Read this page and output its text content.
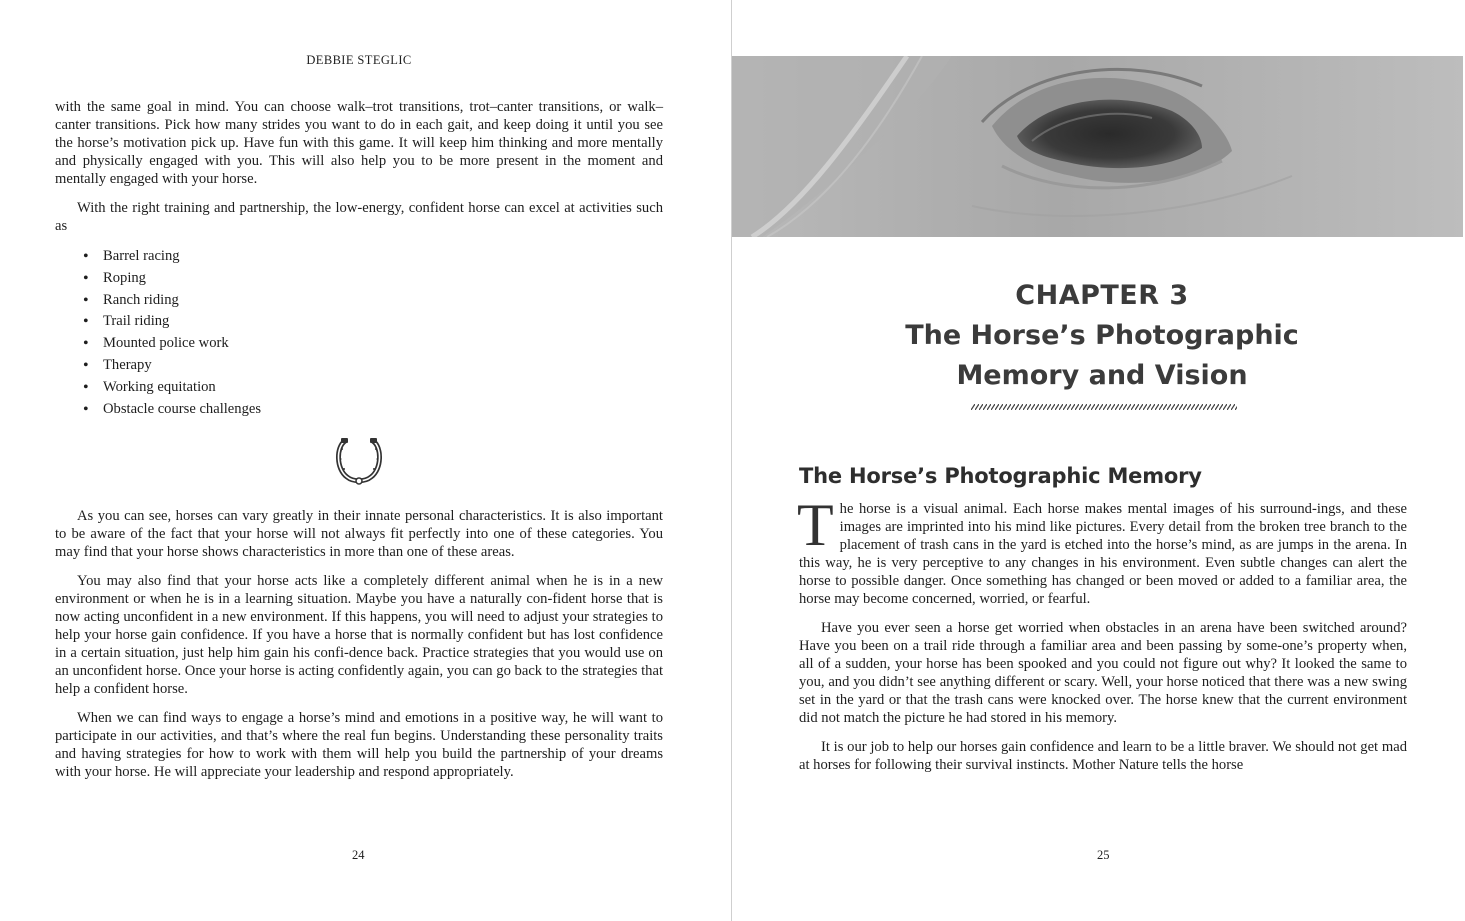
DEBBIE STEGLIC

with the same goal in mind. You can choose walk–trot transitions, trot–canter transitions, or walk–canter transitions. Pick how many strides you want to do in each gait, and keep doing it until you see the horse’s motivation pick up. Have fun with this game. It will keep him thinking and more mentally and physically engaged with you. This will also help you to be more present in the moment and mentally engaged with your horse.

With the right training and partnership, the low-energy, confident horse can excel at activities such as

• Barrel racing
• Roping
• Ranch riding
• Trail riding
• Mounted police work
• Therapy
• Working equitation
• Obstacle course challenges

As you can see, horses can vary greatly in their innate personal characteristics. It is also important to be aware of the fact that your horse will not always fit perfectly into one of these categories. You may find that your horse shows characteristics in more than one of these areas.

You may also find that your horse acts like a completely different animal when he is in a new environment or when he is in a learning situation. Maybe you have a naturally con-fident horse that is now acting unconfident in a new environment. If this happens, you will need to adjust your strategies to help your horse gain confidence. If you have a horse that is normally confident but has lost confidence in a certain situation, just help him gain his confi-dence back. Practice strategies that you would use on an unconfident horse. Once your horse is acting confidently again, you can go back to the strategies that help a confident horse.

When we can find ways to engage a horse’s mind and emotions in a positive way, he will want to participate in our activities, and that’s where the real fun begins. Understanding these personality traits and having strategies for how to work with them will help you build the partnership of your dreams with your horse. He will appreciate your leadership and respond appropriately.

24
CHAPTER 3
The Horse’s Photographic
Memory and Vision
The Horse’s Photographic Memory

The horse is a visual animal. Each horse makes mental images of his surround-ings, and these images are imprinted into his mind like pictures. Every detail from the broken tree branch to the placement of trash cans in the yard is etched into the horse’s mind, as are jumps in the arena. In this way, he is very perceptive to any changes in his environment. Even subtle changes can alert the horse to possible danger. Once something has changed or been moved or added to a familiar area, the horse may become concerned, worried, or fearful.

Have you ever seen a horse get worried when obstacles in an arena have been switched around? Have you been on a trail ride through a familiar area and been passing by some-one’s property when, all of a sudden, your horse has been spooked and you could not figure out why? It looked the same to you, and you didn’t see anything different or scary. Well, your horse noticed that there was a new swing set in the yard or that the trash cans were knocked over. The horse knew that the current environment did not match the picture he had stored in his memory.

It is our job to help our horses gain confidence and learn to be a little braver. We should not get mad at horses for following their survival instincts. Mother Nature tells the horse

25
